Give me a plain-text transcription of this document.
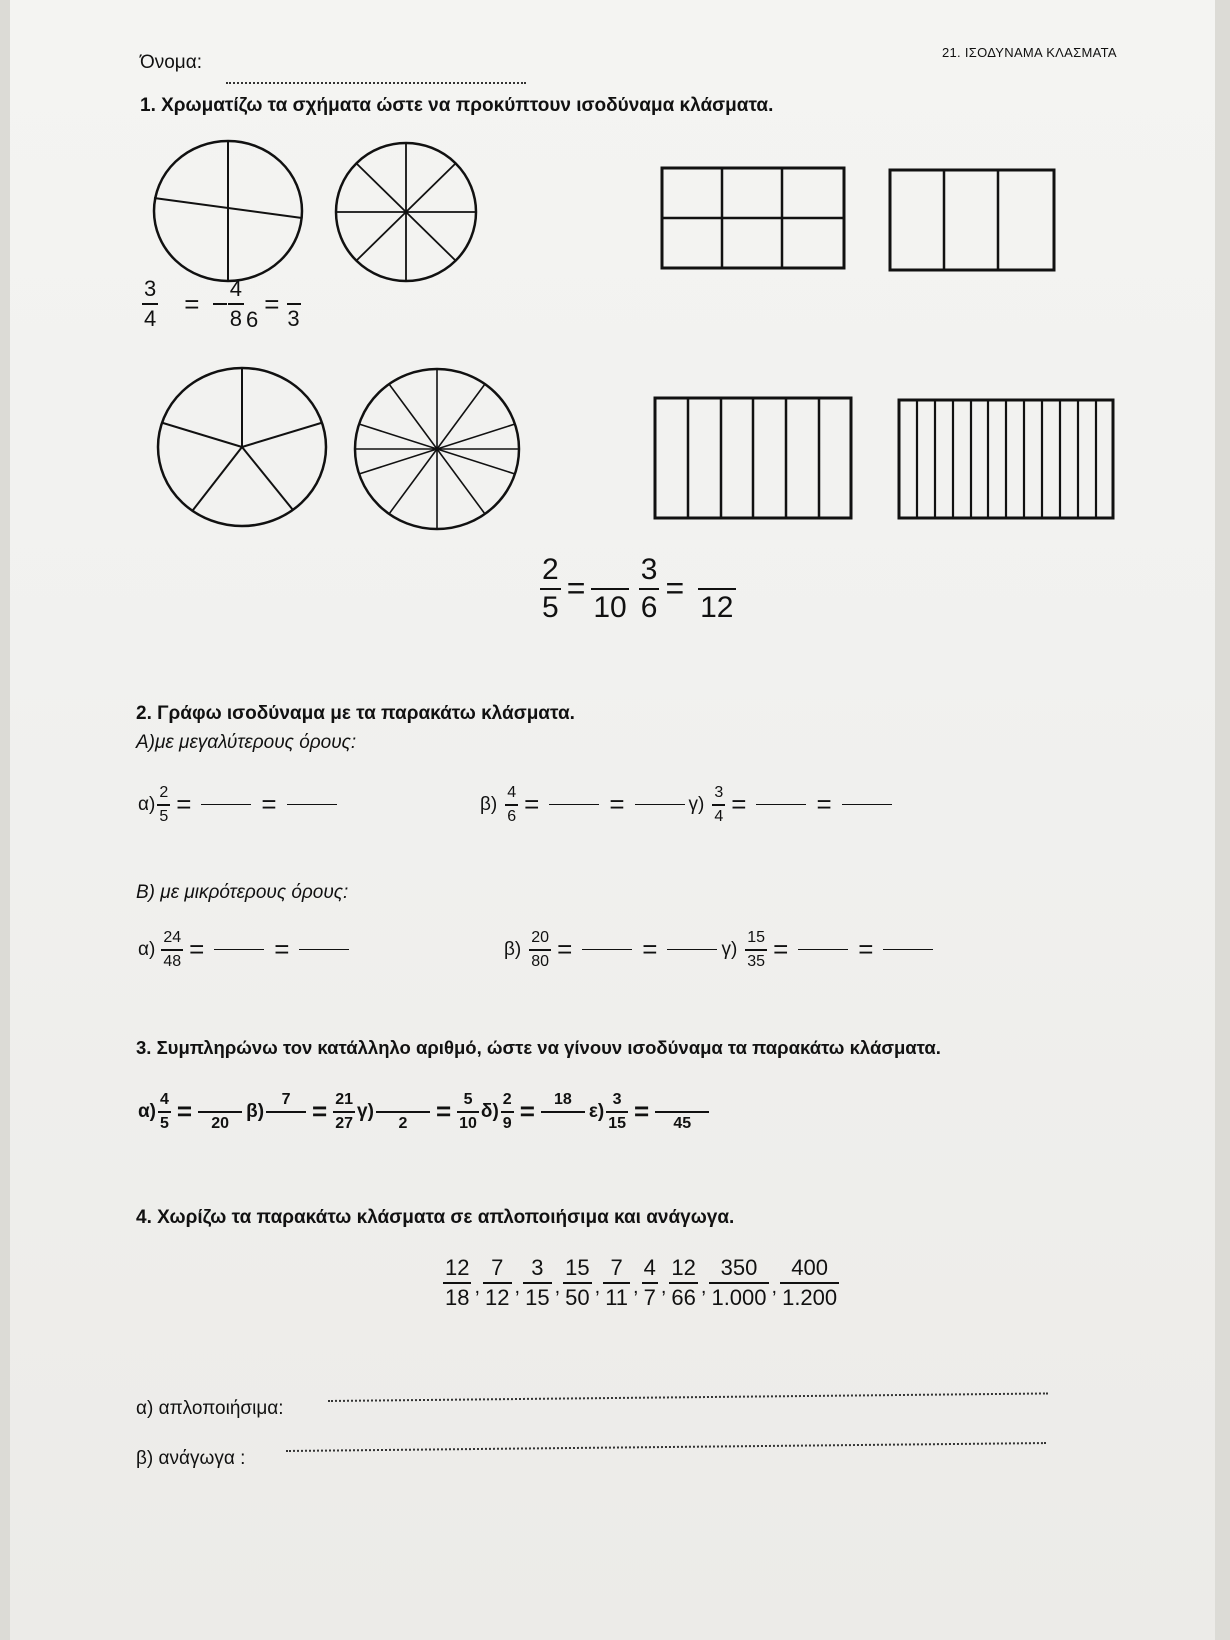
21. ΙΣΟΔΥΝΑΜΑ ΚΛΑΣΜΑΤΑ
Όνομα:
1. Χρωματίζω τα σχήματα ώστε να προκύπτουν ισοδύναμα κλάσματα.
$\frac{3}{4} = \frac{4}{8} 6$
= 3
$\frac{2}{5}$ =
$10 \frac{3}{6}$ =
12
2. Γράφω ισοδύναμα με τα παρακάτω κλάσματα.
Α)με μεγαλύτερους όρους:
$\alpha) \frac{2}{5}$ =	=	$\beta) \frac{4}{6}$ =	=	$\gamma) \frac{3}{4}$ =	=
Β) με μικρότερους όρους:
$\alpha) \frac{24}{48}$ =	=	$\beta) \frac{20}{80}$ =	=	$\gamma) \frac{15}{35}$ =	=
3. Συμπληρώνω τον κατάλληλο αριθμό, ώστε να γίνουν ισοδύναμα τα παρακάτω κλάσματα.
$\alpha) \frac{4}{5} = 20$
β)
$7 = \frac{21}{27} \gamma$)
$2 = \frac{5}{10} \delta) \frac{2}{9} = 18$
$\varepsilon) \frac{3}{15} = 45$
4. Χωρίζω τα παρακάτω κλάσματα σε απλοποιήσιμα και ανάγωγα.
$\frac{12}{18}$ , $\frac{7}{12}$ , $\frac{3}{15}$ , $\frac{15}{50}$ , $\frac{7}{11}$ , $\frac{4}{7}$ , $\frac{12}{66}$ , $\frac{350}{1.000}$ , $\frac{400}{1.200}$
α) απλοποιήσιμα:
β) ανάγωγα :
